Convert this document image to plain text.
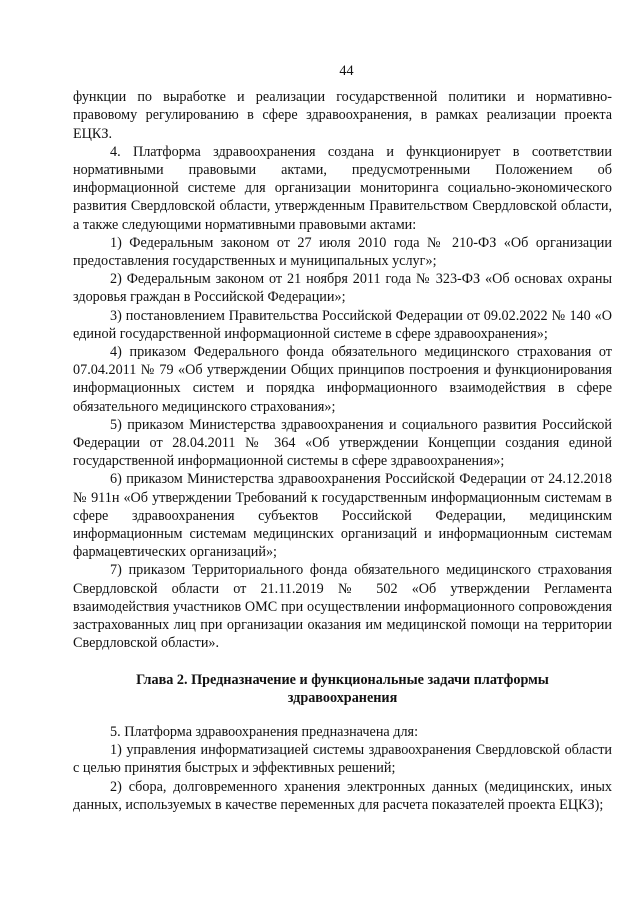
44

функции по выработке и реализации государственной политики и нормативно-правовому регулированию в сфере здравоохранения, в рамках реализации проекта ЕЦКЗ.

4. Платформа здравоохранения создана и функционирует в соответствии нормативными правовыми актами, предусмотренными Положением об информационной системе для организации мониторинга социально-экономического развития Свердловской области, утвержденным Правительством Свердловской области, а также следующими нормативными правовыми актами:

1) Федеральным законом от 27 июля 2010 года № 210-ФЗ «Об организации предоставления государственных и муниципальных услуг»;

2) Федеральным законом от 21 ноября 2011 года № 323-ФЗ «Об основах охраны здоровья граждан в Российской Федерации»;

3) постановлением Правительства Российской Федерации от 09.02.2022 № 140 «О единой государственной информационной системе в сфере здравоохранения»;

4) приказом Федерального фонда обязательного медицинского страхования от 07.04.2011 № 79 «Об утверждении Общих принципов построения и функционирования информационных систем и порядка информационного взаимодействия в сфере обязательного медицинского страхования»;

5) приказом Министерства здравоохранения и социального развития Российской Федерации от 28.04.2011 № 364 «Об утверждении Концепции создания единой государственной информационной системы в сфере здравоохранения»;

6) приказом Министерства здравоохранения Российской Федерации от 24.12.2018 № 911н «Об утверждении Требований к государственным информационным системам в сфере здравоохранения субъектов Российской Федерации, медицинским информационным системам медицинских организаций и информационным системам фармацевтических организаций»;

7) приказом Территориального фонда обязательного медицинского страхования Свердловской области от 21.11.2019 № 502 «Об утверждении Регламента взаимодействия участников ОМС при осуществлении информационного сопровождения застрахованных лиц при организации оказания им медицинской помощи на территории Свердловской области».

Глава 2. Предназначение и функциональные задачи платформы здравоохранения

5. Платформа здравоохранения предназначена для:

1) управления информатизацией системы здравоохранения Свердловской области с целью принятия быстрых и эффективных решений;

2) сбора, долговременного хранения электронных данных (медицинских, иных данных, используемых в качестве переменных для расчета показателей проекта ЕЦКЗ);
